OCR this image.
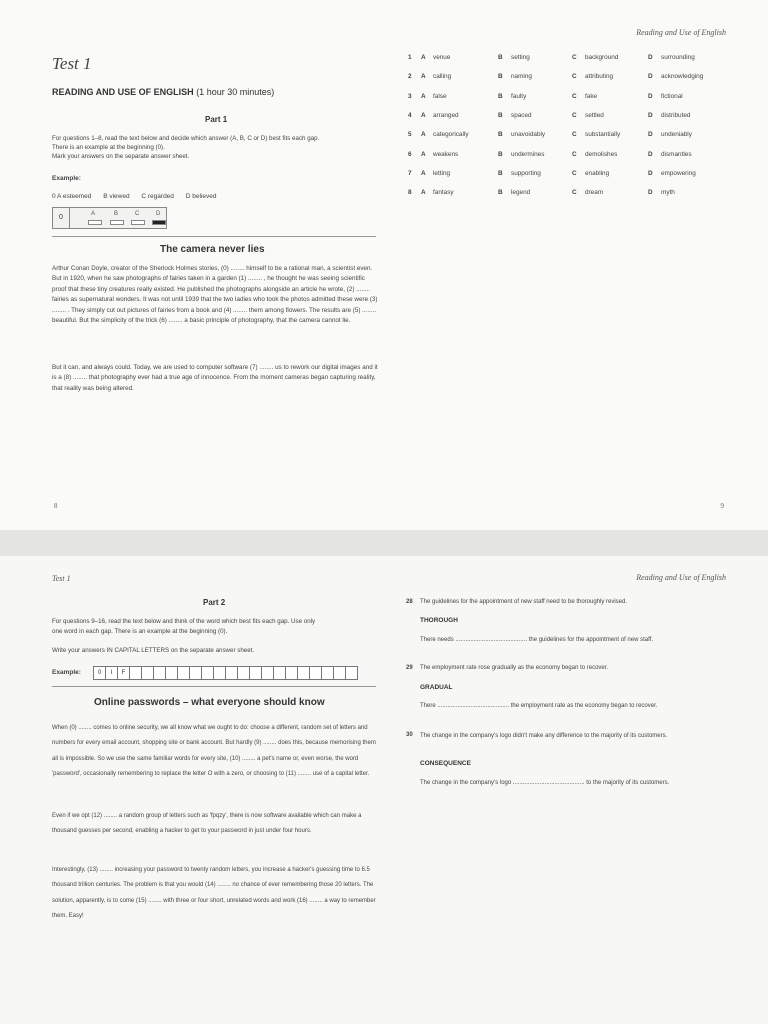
Test 1
READING AND USE OF ENGLISH (1 hour 30 minutes)
Part 1
For questions 1–8, read the text below and decide which answer (A, B, C or D) best fits each gap.
There is an example at the beginning (0).
Mark your answers on the separate answer sheet.
Example:
0 A esteemed B viewed C regarded D believed
0	A	B	C	D
The camera never lies
Arthur Conan Doyle, creator of the Sherlock Holmes stories, (0) ........ himself to be a rational man, a scientist even. But in 1920, when he saw photographs of fairies taken in a garden (1) ........ , he thought he was seeing scientific proof that these tiny creatures really existed. He published the photographs alongside an article he wrote, (2) ........ fairies as supernatural wonders. It was not until 1939 that the two ladies who took the photos admitted these were (3) ........ . They simply cut out pictures of fairies from a book and (4) ........ them among flowers. The results are (5) ........ beautiful. But the simplicity of the trick (6) ........ a basic principle of photography, that the camera cannot lie.
But it can, and always could. Today, we are used to computer software (7) ........ us to rework our digital images and it is a (8) ........ that photography ever had a true age of innocence. From the moment cameras began capturing reality, that reality was being altered.
8
Reading and Use of English
9
1 A venue	B setting	C background	D surrounding
2 A calling	B naming	C attributing	D acknowledging
3 A false	B faulty	C fake	D fictional
4 A arranged	B spaced	C settled	D distributed
5 A categorically	B unavoidably	C substantially	D undeniably
6 A weakens	B undermines	C demolishes	D dismantles
7 A letting	B supporting	C enabling	D empowering
8 A fantasy	B legend	C dream	D myth
Test 1
Part 2
For questions 9–16, read the text below and think of the word which best fits each gap. Use only
one word in each gap. There is an example at the beginning (0).
Write your answers IN CAPITAL LETTERS on the separate answer sheet.
Example:
Online passwords – what everyone should know
When (0) ........ comes to online security, we all know what we ought to do: choose a different, random set of letters and numbers for every email account, shopping site or bank account. But hardly (9) ........ does this, because memorising them all is impossible. So we use the same familiar words for every site, (10) ........ a pet's name or, even worse, the word 'password', occasionally remembering to replace the letter O with a zero, or choosing to (11) ........ use of a capital letter.
Even if we opt (12) ........ a random group of letters such as 'fpqzy', there is now software available which can make a thousand guesses per second, enabling a hacker to get to your password in just under four hours.
Interestingly, (13) ........ increasing your password to twenty random letters, you increase a hacker's guessing time to 6.5 thousand trillion centuries. The problem is that you would (14) ........ no chance of ever remembering those 20 letters. The solution, apparently, is to come (15) ........ with three or four short, unrelated words and work (16) ........ a way to remember them. Easy!
Reading and Use of English
28 The guidelines for the appointment of new staff need to be thoroughly revised.
THOROUGH
There needs ........................................... the guidelines for the appointment of new staff.
29 The employment rate rose gradually as the economy began to recover.
GRADUAL
There ........................................... the employment rate as the economy began to recover.
30 The change in the company's logo didn't make any difference to the majority of its customers.
CONSEQUENCE
The change in the company's logo ........................................... to the majority of its customers.
0	I	F
